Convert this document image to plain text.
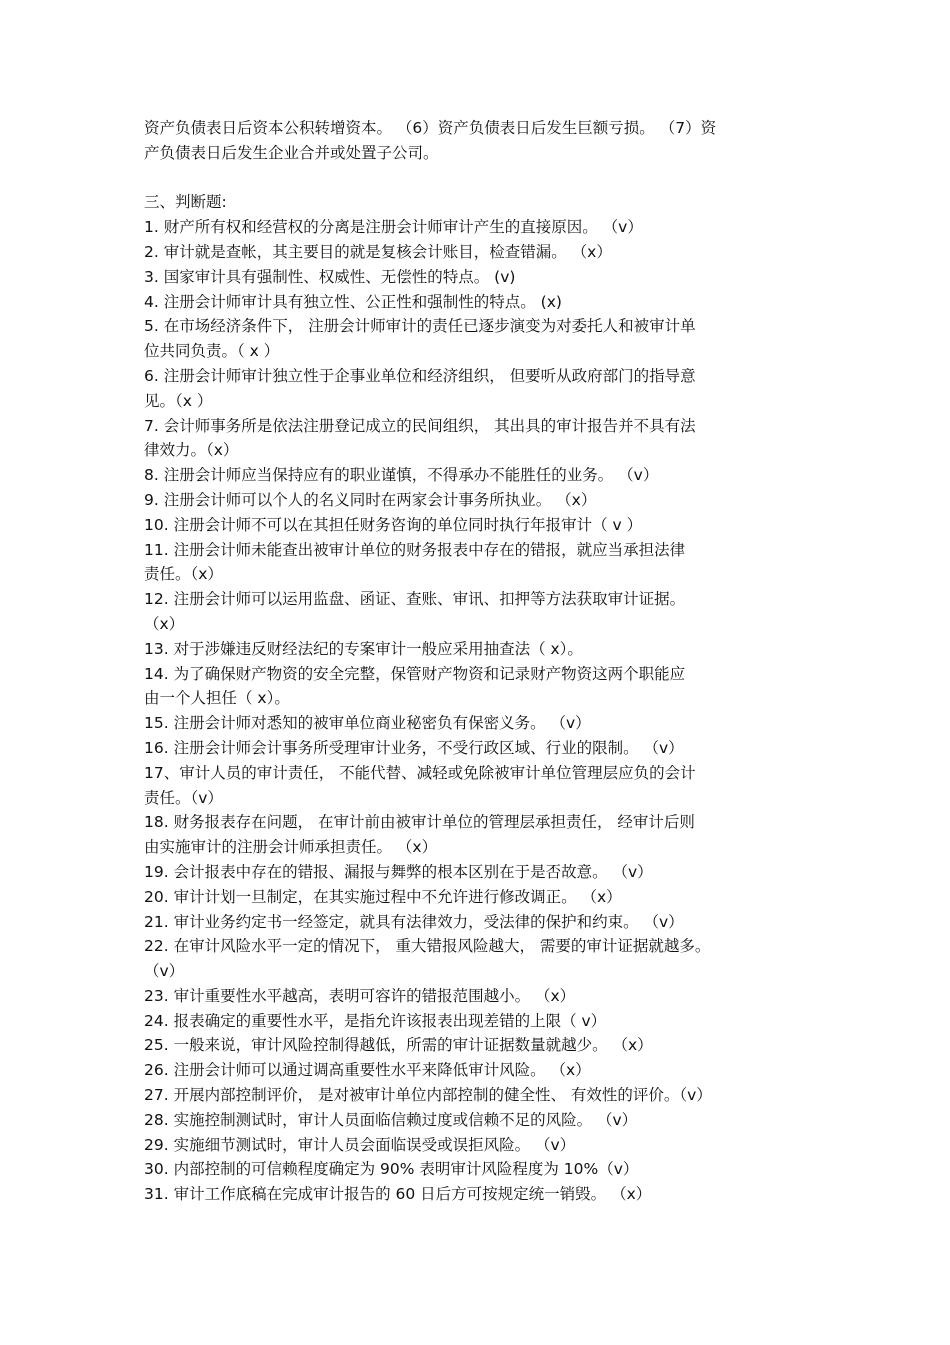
资产负债表日后资本公积转增资本。 （6）资产负债表日后发生巨额亏损。 （7）资
产负债表日后发生企业合并或处置子公司。
三、判断题:
1. 财产所有权和经营权的分离是注册会计师审计产生的直接原因。 （v）
2. 审计就是查帐，其主要目的就是复核会计账目，检查错漏。 （x）
3. 国家审计具有强制性、权威性、无偿性的特点。 (v)
4. 注册会计师审计具有独立性、公正性和强制性的特点。 (x)
5. 在市场经济条件下， 注册会计师审计的责任已逐步演变为对委托人和被审计单
位共同负责。（ x ）
6. 注册会计师审计独立性于企事业单位和经济组织， 但要听从政府部门的指导意
见。（x ）
7. 会计师事务所是依法注册登记成立的民间组织， 其出具的审计报告并不具有法
律效力。（x）
8. 注册会计师应当保持应有的职业谨慎，不得承办不能胜任的业务。 （v）
9. 注册会计师可以个人的名义同时在两家会计事务所执业。 （x）
10. 注册会计师不可以在其担任财务咨询的单位同时执行年报审计（ v ）
11. 注册会计师未能查出被审计单位的财务报表中存在的错报，就应当承担法律
责任。（x）
12. 注册会计师可以运用监盘、函证、查账、审讯、扣押等方法获取审计证据。
（x）
13. 对于涉嫌违反财经法纪的专案审计一般应采用抽查法（ x）。
14. 为了确保财产物资的安全完整，保管财产物资和记录财产物资这两个职能应
由一个人担任（ x）。
15. 注册会计师对悉知的被审单位商业秘密负有保密义务。 （v）
16. 注册会计师会计事务所受理审计业务，不受行政区域、行业的限制。 （v）
17、审计人员的审计责任， 不能代替、减轻或免除被审计单位管理层应负的会计
责任。（v）
18. 财务报表存在问题， 在审计前由被审计单位的管理层承担责任， 经审计后则
由实施审计的注册会计师承担责任。 （x）
19. 会计报表中存在的错报、漏报与舞弊的根本区别在于是否故意。 （v）
20. 审计计划一旦制定，在其实施过程中不允许进行修改调正。 （x）
21. 审计业务约定书一经签定，就具有法律效力，受法律的保护和约束。 （v）
22. 在审计风险水平一定的情况下， 重大错报风险越大， 需要的审计证据就越多。
（v）
23. 审计重要性水平越高，表明可容许的错报范围越小。 （x）
24. 报表确定的重要性水平，是指允许该报表出现差错的上限（ v）
25. 一般来说，审计风险控制得越低，所需的审计证据数量就越少。 （x）
26. 注册会计师可以通过调高重要性水平来降低审计风险。 （x）
27. 开展内部控制评价， 是对被审计单位内部控制的健全性、 有效性的评价。（v）
28. 实施控制测试时，审计人员面临信赖过度或信赖不足的风险。 （v）
29. 实施细节测试时，审计人员会面临误受或误拒风险。 （v）
30. 内部控制的可信赖程度确定为 90% 表明审计风险程度为 10%（v）
31. 审计工作底稿在完成审计报告的 60 日后方可按规定统一销毁。 （x）
